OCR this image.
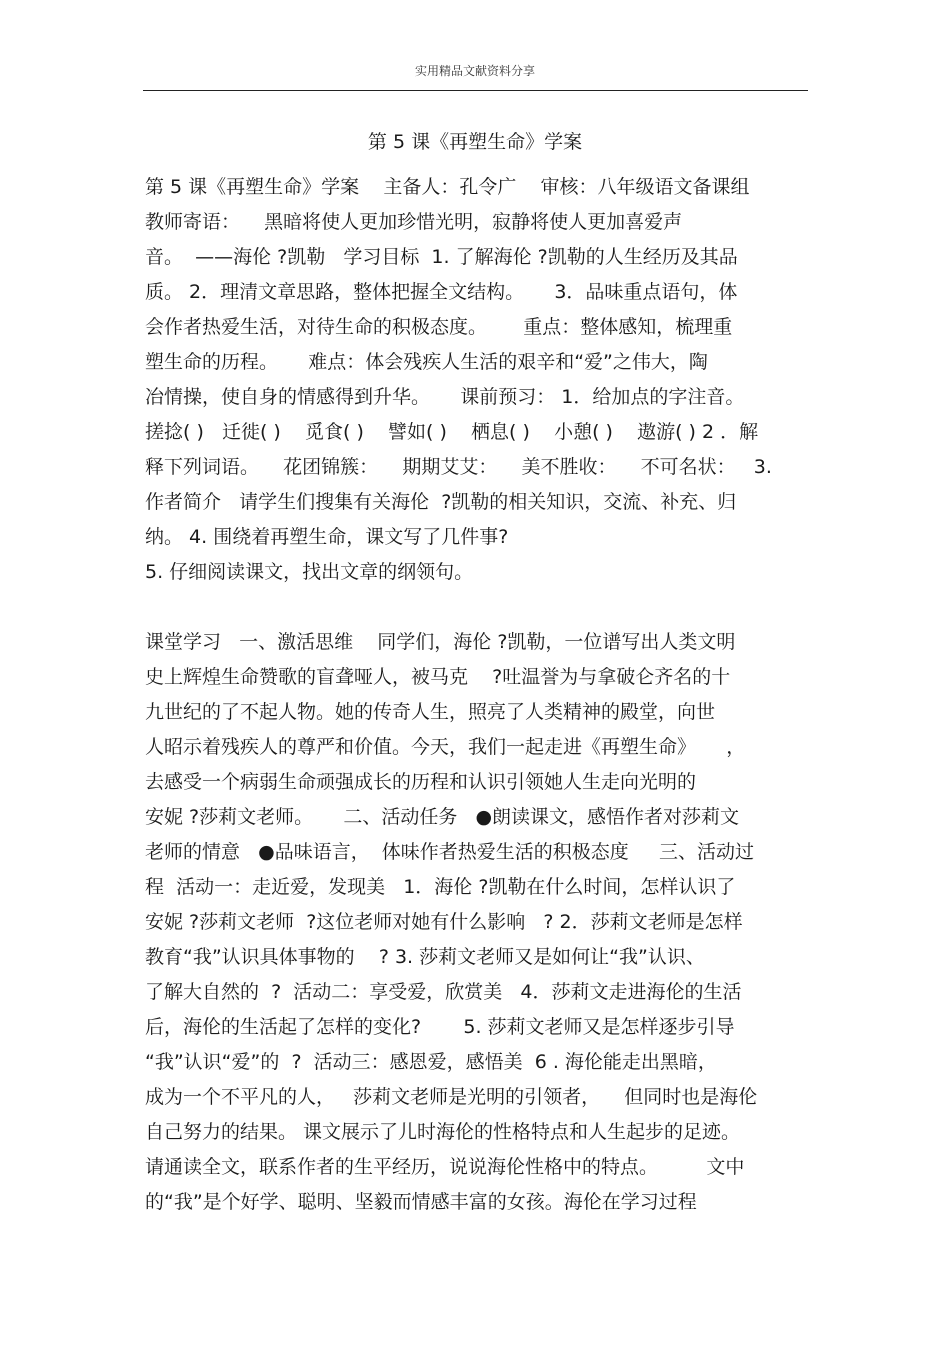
实用精品文献资料分享
第 5 课《再塑生命》学案
第 5 课《再塑生命》学案    主备人：孔令广    审核：八年级语文备课组
教师寄语：    黑暗将使人更加珍惜光明，寂静将使人更加喜爱声
音。  ——海伦 ?凯勒   学习目标  1. 了解海伦 ?凯勒的人生经历及其品
质。 2．理清文章思路，整体把握全文结构。     3．品味重点语句，体
会作者热爱生活，对待生命的积极态度。      重点：整体感知，梳理重
塑生命的历程。     难点：体会残疾人生活的艰辛和“爱”之伟大，陶
冶情操，使自身的情感得到升华。     课前预习： 1．给加点的字注音。
搓捻( )   迁徙( )    觅食( )    譬如( )    栖息( )    小憩( )    遨游( ) 2 ．解
释下列词语。    花团锦簇：    期期艾艾：    美不胜收：    不可名状：   3.
作者简介   请学生们搜集有关海伦  ?凯勒的相关知识，交流、补充、归
纳。 4. 围绕着再塑生命，课文写了几件事?
5. 仔细阅读课文，找出文章的纲领句。
课堂学习   一、激活思维    同学们，海伦 ?凯勒，一位谱写出人类文明
史上辉煌生命赞歌的盲聋哑人，被马克    ?吐温誉为与拿破仑齐名的十
九世纪的了不起人物。她的传奇人生，照亮了人类精神的殿堂，向世
人昭示着残疾人的尊严和价值。今天，我们一起走进《再塑生命》     ，
去感受一个病弱生命顽强成长的历程和认识引领她人生走向光明的
安妮 ?莎莉文老师。     二、活动任务   ●朗读课文，感悟作者对莎莉文
老师的情意   ●品味语言，  体味作者热爱生活的积极态度     三、活动过
程  活动一：走近爱，发现美   1．海伦 ?凯勒在什么时间，怎样认识了
安妮 ?莎莉文老师  ?这位老师对她有什么影响   ? 2．莎莉文老师是怎样
教育“我”认识具体事物的    ? 3. 莎莉文老师又是如何让“我”认识、
了解大自然的  ?  活动二：享受爱，欣赏美   4．莎莉文走进海伦的生活
后，海伦的生活起了怎样的变化?       5. 莎莉文老师又是怎样逐步引导
“我”认识“爱”的  ?  活动三：感恩爱，感悟美  6 . 海伦能走出黑暗，
成为一个不平凡的人，   莎莉文老师是光明的引领者，    但同时也是海伦
自己努力的结果。 课文展示了儿时海伦的性格特点和人生起步的足迹。
请通读全文，联系作者的生平经历，说说海伦性格中的特点。        文中
的“我”是个好学、聪明、坚毅而情感丰富的女孩。海伦在学习过程
